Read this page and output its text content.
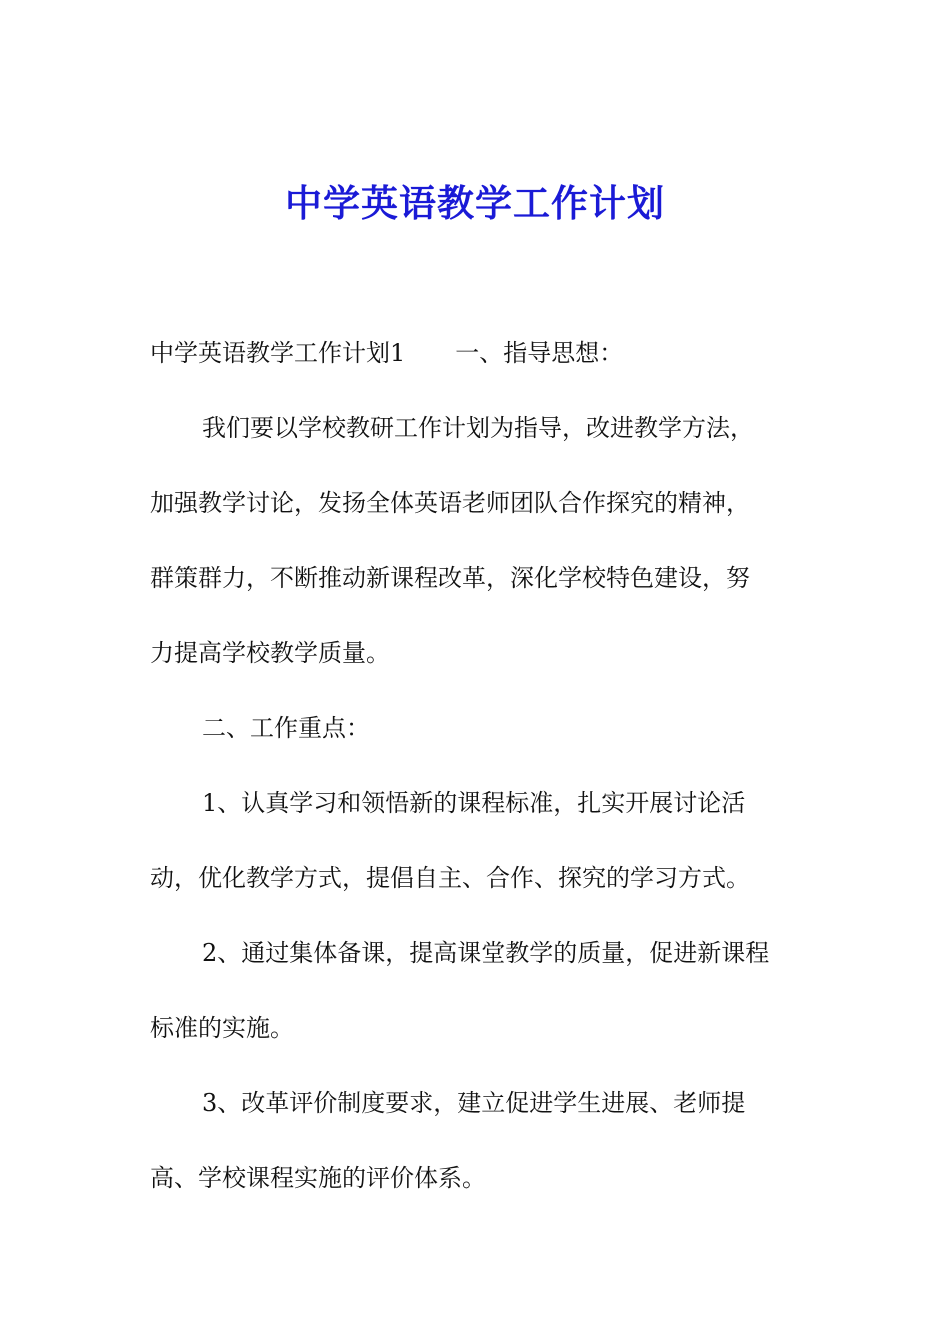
中学英语教学工作计划

中学英语教学工作计划1 一、指导思想：

我们要以学校教研工作计划为指导，改进教学方法，
加强教学讨论，发扬全体英语老师团队合作探究的精神，
群策群力，不断推动新课程改革，深化学校特色建设，努
力提高学校教学质量。

二、工作重点：

1、认真学习和领悟新的课程标准，扎实开展讨论活
动，优化教学方式，提倡自主、合作、探究的学习方式。

2、通过集体备课，提高课堂教学的质量，促进新课程
标准的实施。

3、改革评价制度要求，建立促进学生进展、老师提
高、学校课程实施的评价体系。
